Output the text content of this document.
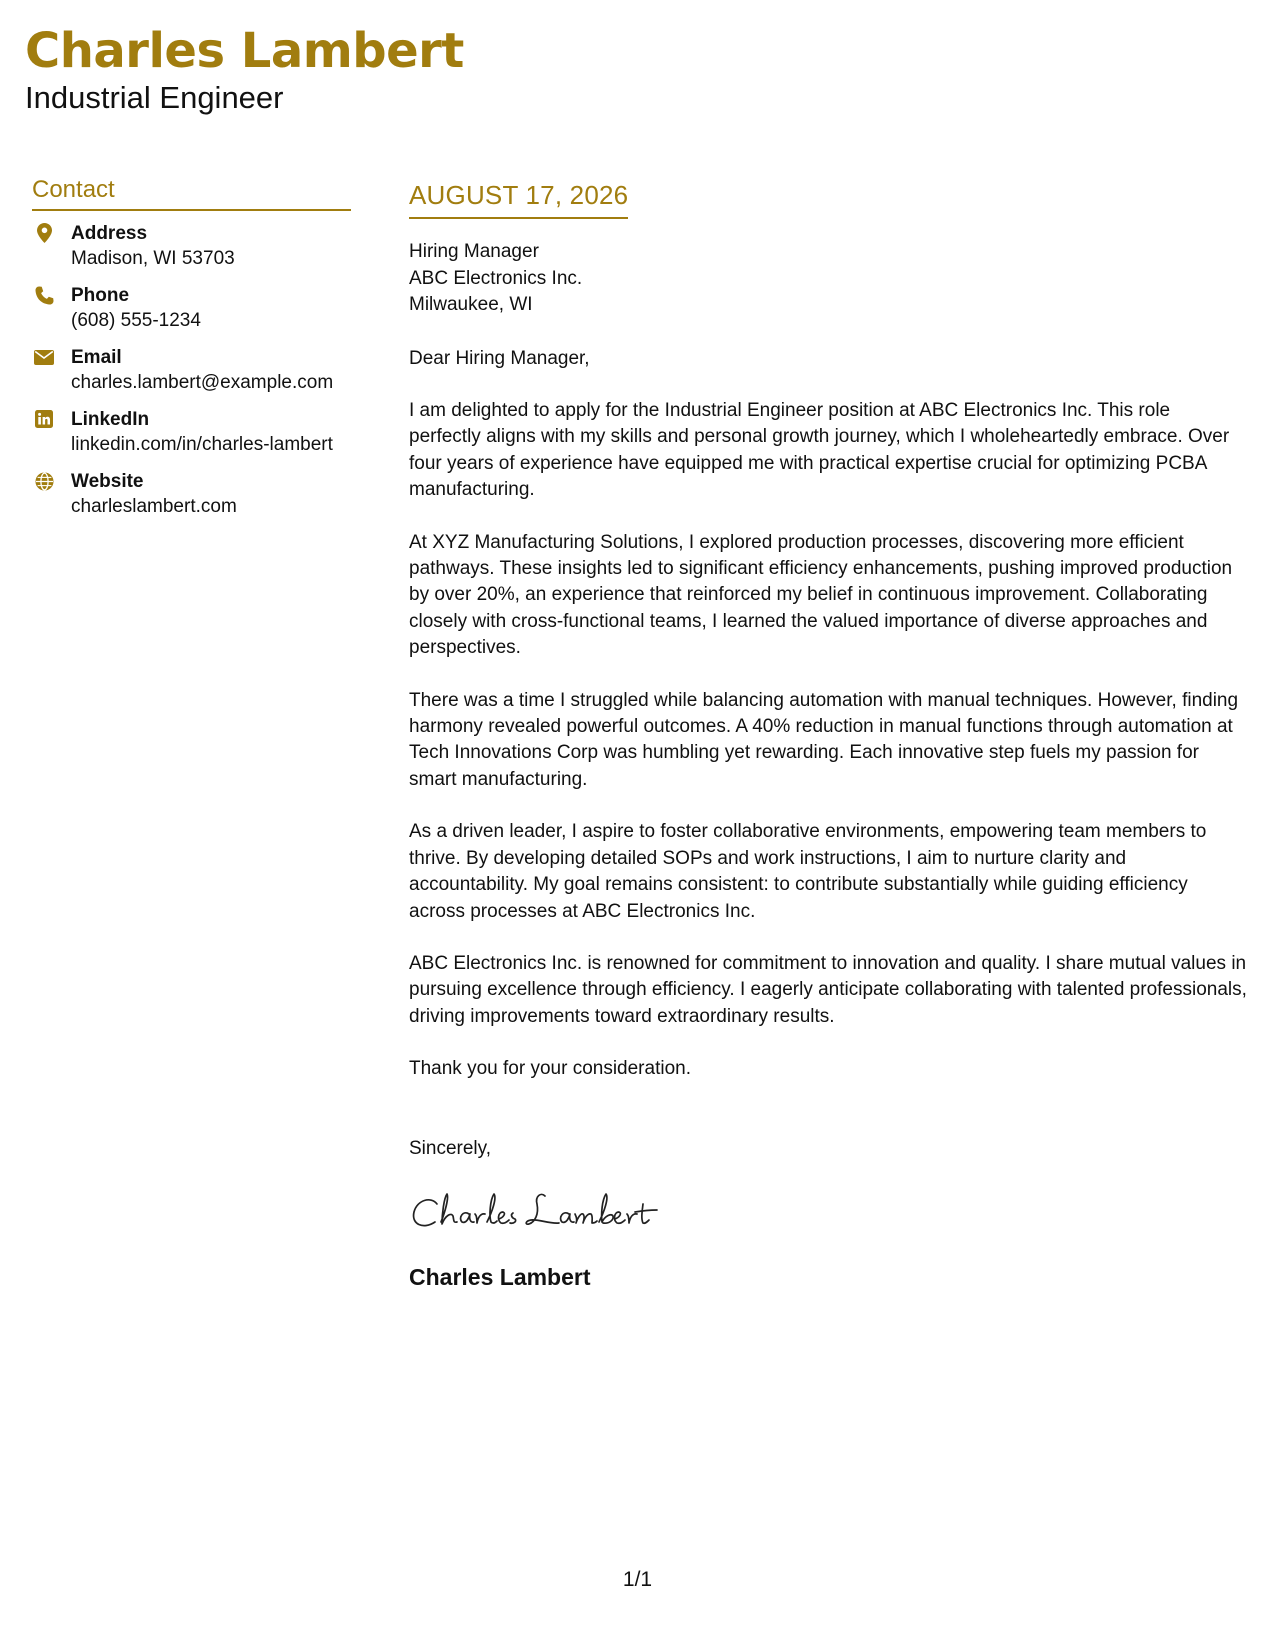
Charles Lambert
Industrial Engineer
Contact
Address
Madison, WI 53703
Phone
(608) 555-1234
Email
charles.lambert@example.com
LinkedIn
linkedin.com/in/charles-lambert
Website
charleslambert.com
AUGUST 17, 2026
Hiring Manager
ABC Electronics Inc.
Milwaukee, WI
Dear Hiring Manager,
I am delighted to apply for the Industrial Engineer position at ABC Electronics Inc. This role perfectly aligns with my skills and personal growth journey, which I wholeheartedly embrace. Over four years of experience have equipped me with practical expertise crucial for optimizing PCBA manufacturing.
At XYZ Manufacturing Solutions, I explored production processes, discovering more efficient pathways. These insights led to significant efficiency enhancements, pushing improved production by over 20%, an experience that reinforced my belief in continuous improvement. Collaborating closely with cross-functional teams, I learned the valued importance of diverse approaches and perspectives.
There was a time I struggled while balancing automation with manual techniques. However, finding harmony revealed powerful outcomes. A 40% reduction in manual functions through automation at Tech Innovations Corp was humbling yet rewarding. Each innovative step fuels my passion for smart manufacturing.
As a driven leader, I aspire to foster collaborative environments, empowering team members to thrive. By developing detailed SOPs and work instructions, I aim to nurture clarity and accountability. My goal remains consistent: to contribute substantially while guiding efficiency across processes at ABC Electronics Inc.
ABC Electronics Inc. is renowned for commitment to innovation and quality. I share mutual values in pursuing excellence through efficiency. I eagerly anticipate collaborating with talented professionals, driving improvements toward extraordinary results.
Thank you for your consideration.
Sincerely,
Charles Lambert
1/1
